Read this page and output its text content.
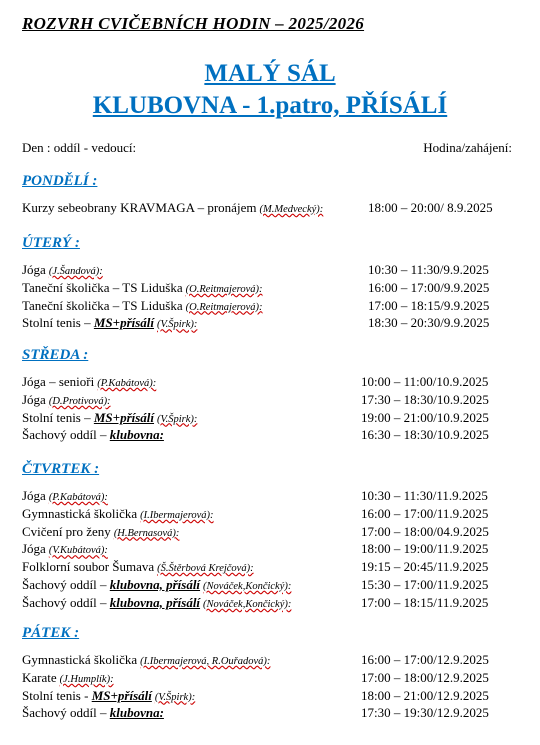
ROZVRH CVIČEBNÍCH HODIN – 2025/2026
MALÝ SÁL
KLUBOVNA - 1.patro, PŘÍSÁLÍ
Den : oddíl - vedoucí:	Hodina/zahájení:
PONDĚLÍ :
Kurzy sebeobrany KRAVMAGA – pronájem (M.Medvecký):	18:00 – 20:00/ 8.9.2025
ÚTERÝ :
Jóga (J.Šandová):	10:30 – 11:30/9.9.2025
Taneční školička – TS Liduška (O.Reitmajerová):	16:00 – 17:00/9.9.2025
Taneční školička – TS Liduška (O.Reitmajerová):	17:00 – 18:15/9.9.2025
Stolní tenis – MS+přísálí (V.Špirk):	18:30 – 20:30/9.9.2025
STŘEDA :
Jóga – senioři (P.Kabátová):	10:00 – 11:00/10.9.2025
Jóga (D.Protivová):	17:30 – 18:30/10.9.2025
Stolní tenis – MS+přísálí (V.Špirk):	19:00 – 21:00/10.9.2025
Šachový oddíl – klubovna:	16:30 – 18:30/10.9.2025
ČTVRTEK :
Jóga (P.Kabátová):	10:30 – 11:30/11.9.2025
Gymnastická školička (I.Ibermajerová):	16:00 – 17:00/11.9.2025
Cvičení pro ženy (H.Bernasová):	17:00 – 18:00/04.9.2025
Jóga (V.Kubátová):	18:00 – 19:00/11.9.2025
Folklorní soubor Šumava (Š.Štěrbová Krejčová):	19:15 – 20:45/11.9.2025
Šachový oddíl – klubovna, přísálí (Nováček,Končický):	15:30 – 17:00/11.9.2025
Šachový oddíl – klubovna, přísálí (Nováček,Končický):	17:00 – 18:15/11.9.2025
PÁTEK :
Gymnastická školička (I.Ibermajerová, R.Ouřadová):	16:00 – 17:00/12.9.2025
Karate (J.Humplík):	17:00 – 18:00/12.9.2025
Stolní tenis - MS+přísálí (V.Špirk):	18:00 – 21:00/12.9.2025
Šachový oddíl – klubovna:	17:30 – 19:30/12.9.2025
